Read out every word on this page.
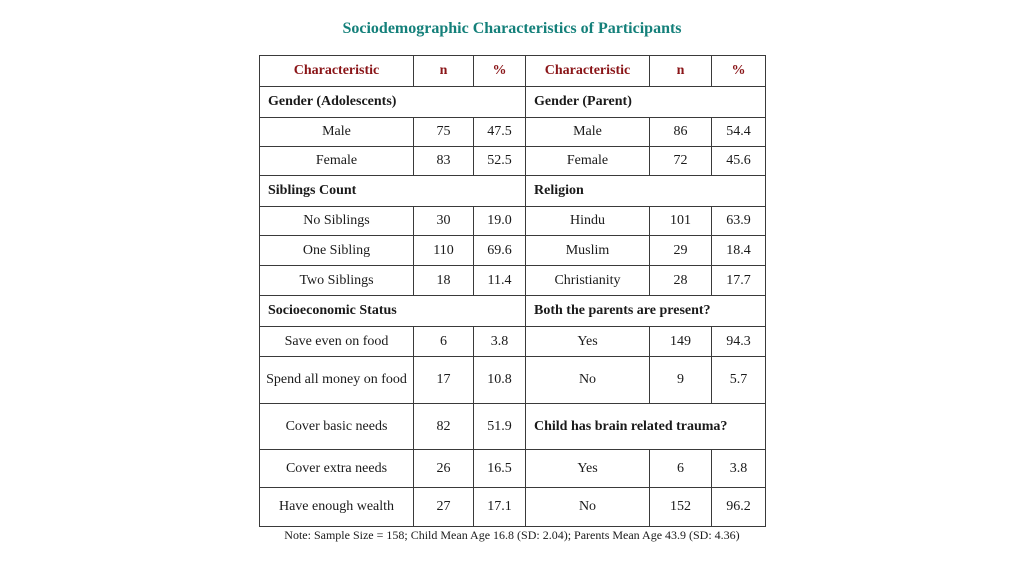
Sociodemographic Characteristics of Participants
Characteristic	n	%	Characteristic	n	%
Gender (Adolescents)			Gender (Parent)		
Male	75	47.5	Male	86	54.4
Female	83	52.5	Female	72	45.6
Siblings Count			Religion		
No Siblings	30	19.0	Hindu	101	63.9
One Sibling	110	69.6	Muslim	29	18.4
Two Siblings	18	11.4	Christianity	28	17.7
Socioeconomic Status			Both the parents are present?		
Save even on food	6	3.8	Yes	149	94.3
Spend all money on food	17	10.8	No	9	5.7
Cover basic needs	82	51.9	Child has brain related trauma?		
Cover extra needs	26	16.5	Yes	6	3.8
Have enough wealth	27	17.1	No	152	96.2
Note: Sample Size = 158; Child Mean Age 16.8 (SD: 2.04); Parents Mean Age 43.9 (SD: 4.36)
